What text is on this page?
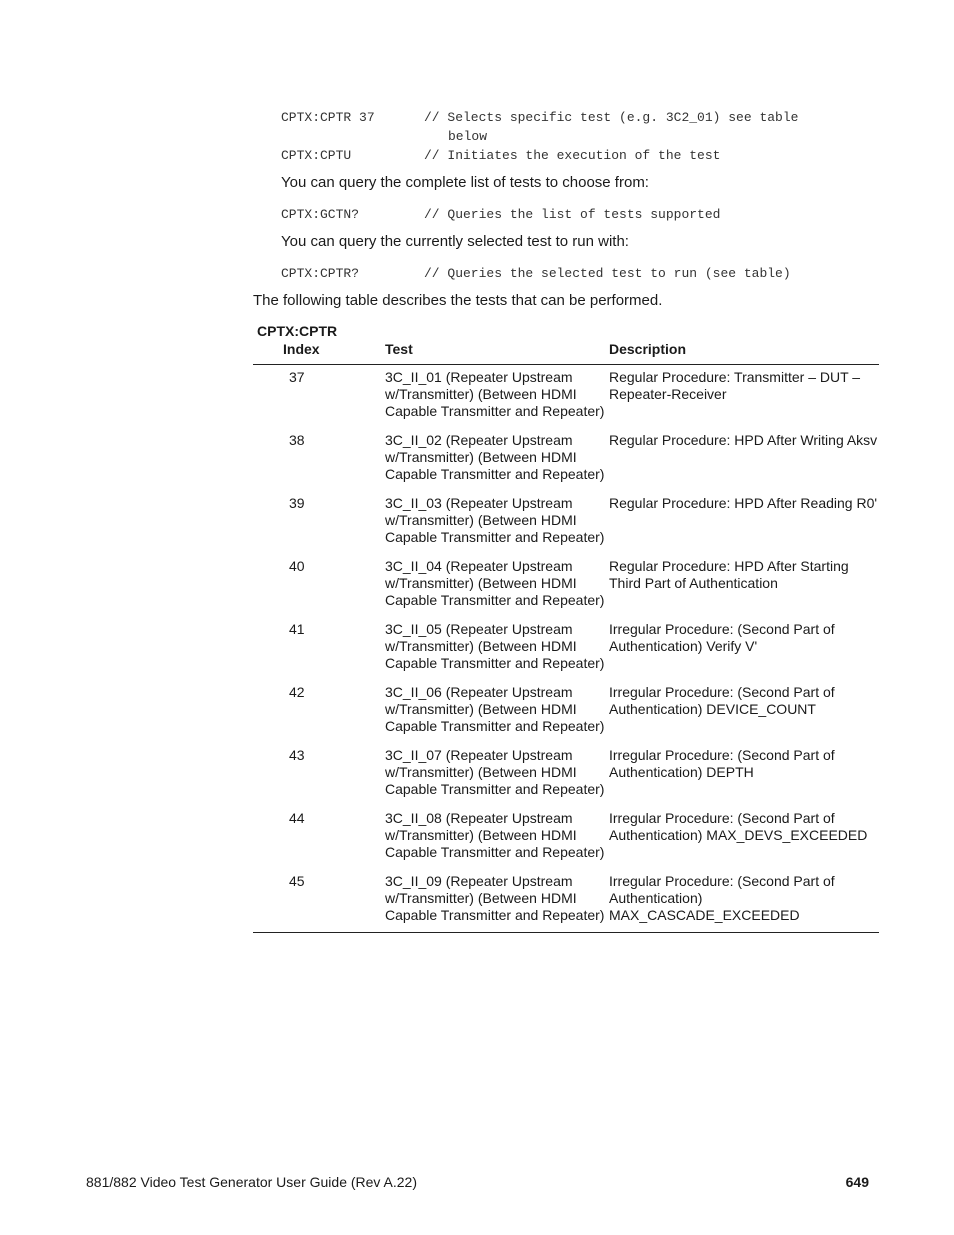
CPTX:CPTR 37	// Selects specific test (e.g. 3C2_01) see table
below
CPTX:CPTU	// Initiates the execution of the test

You can query the complete list of tests to choose from:

CPTX:GCTN?	// Queries the list of tests supported

You can query the currently selected test to run with:

CPTX:CPTR?	// Queries the selected test to run (see table)

The following table describes the tests that can be performed.

CPTX:CPTR

Index	Test	Description
37	3C_II_01 (Repeater Upstream w/Transmitter) (Between HDMI Capable Transmitter and Repeater)	Regular Procedure: Transmitter – DUT – Repeater-Receiver
38	3C_II_02 (Repeater Upstream w/Transmitter) (Between HDMI Capable Transmitter and Repeater)	Regular Procedure: HPD After Writing Aksv
39	3C_II_03 (Repeater Upstream w/Transmitter) (Between HDMI Capable Transmitter and Repeater)	Regular Procedure: HPD After Reading R0'
40	3C_II_04 (Repeater Upstream w/Transmitter) (Between HDMI Capable Transmitter and Repeater)	Regular Procedure: HPD After Starting Third Part of Authentication
41	3C_II_05 (Repeater Upstream w/Transmitter) (Between HDMI Capable Transmitter and Repeater)	Irregular Procedure: (Second Part of Authentication) Verify V'
42	3C_II_06 (Repeater Upstream w/Transmitter) (Between HDMI Capable Transmitter and Repeater)	Irregular Procedure: (Second Part of Authentication) DEVICE_COUNT
43	3C_II_07 (Repeater Upstream w/Transmitter) (Between HDMI Capable Transmitter and Repeater)	Irregular Procedure: (Second Part of Authentication) DEPTH
44	3C_II_08 (Repeater Upstream w/Transmitter) (Between HDMI Capable Transmitter and Repeater)	Irregular Procedure: (Second Part of Authentication) MAX_DEVS_EXCEEDED
45	3C_II_09 (Repeater Upstream w/Transmitter) (Between HDMI Capable Transmitter and Repeater)	Irregular Procedure: (Second Part of Authentication) MAX_CASCADE_EXCEEDED

881/882 Video Test Generator User Guide (Rev A.22)	649
